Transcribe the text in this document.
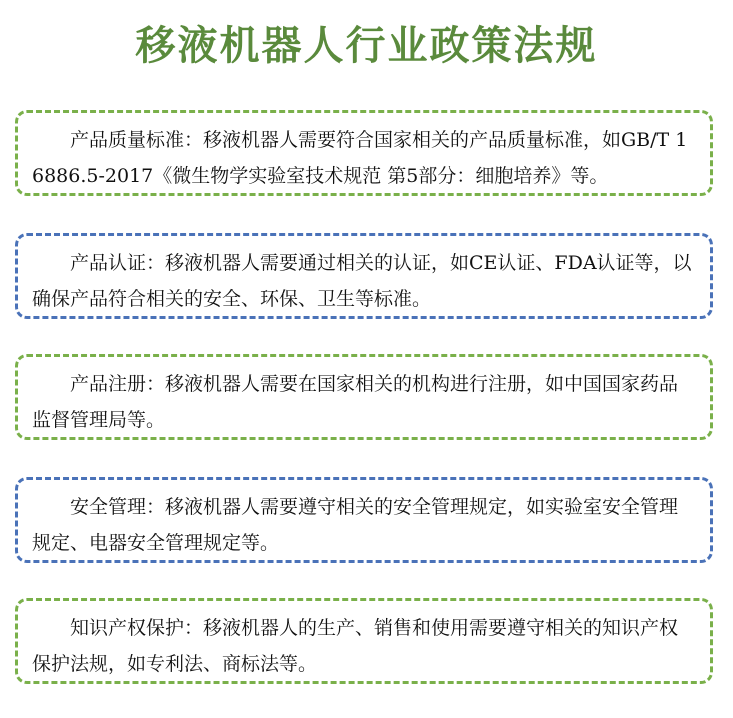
移液机器人行业政策法规

产品质量标准：移液机器人需要符合国家相关的产品质量标准，如GB/T 16886.5-2017《微生物学实验室技术规范 第5部分：细胞培养》等。

产品认证：移液机器人需要通过相关的认证，如CE认证、FDA认证等，以确保产品符合相关的安全、环保、卫生等标准。

产品注册：移液机器人需要在国家相关的机构进行注册，如中国国家药品监督管理局等。

安全管理：移液机器人需要遵守相关的安全管理规定，如实验室安全管理规定、电器安全管理规定等。

知识产权保护：移液机器人的生产、销售和使用需要遵守相关的知识产权保护法规，如专利法、商标法等。
